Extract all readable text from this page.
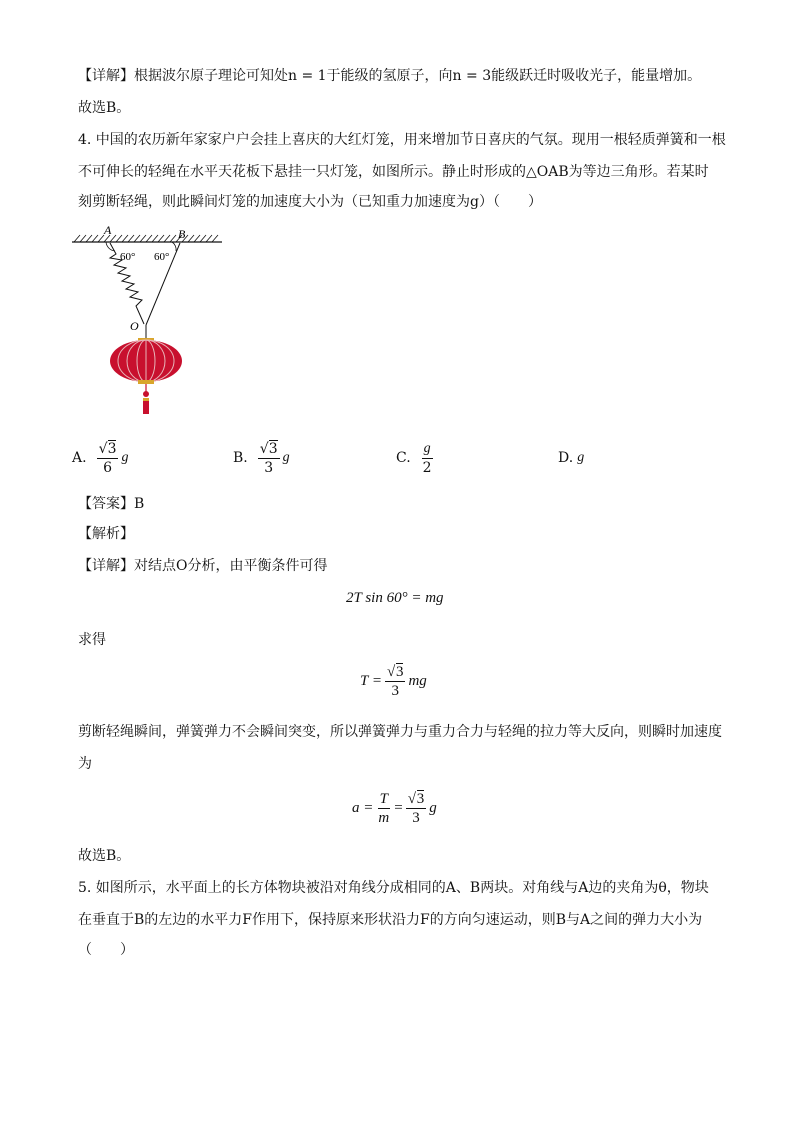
【详解】根据波尔原子理论可知处n = 1于能级的氢原子，向n = 3能级跃迁时吸收光子，能量增加。
故选B。
4. 中国的农历新年家家户户会挂上喜庆的大红灯笼，用来增加节日喜庆的气氛。现用一根轻质弹簧和一根
不可伸长的轻绳在水平天花板下悬挂一只灯笼，如图所示。静止时形成的△OAB为等边三角形。若某时
刻剪断轻绳，则此瞬间灯笼的加速度大小为（已知重力加速度为g）（　　）
A	B
60° 60°
O
A. √ $\frac{3}{6}$ g	B. √ $\frac{3}{3}$ g	C. $\frac{g}{2}$	D. g
【答案】B
【解析】
【详解】对结点O分析，由平衡条件可得
2T sin 60° = mg
求得
T = √ $\frac{3}{3}$ mg
剪断轻绳瞬间，弹簧弹力不会瞬间突变，所以弹簧弹力与重力合力与轻绳的拉力等大反向，则瞬时加速度
为
$a = \frac{T}{m}$ = √ $\frac{3}{3}$ g
故选B。
5. 如图所示，水平面上的长方体物块被沿对角线分成相同的A、B两块。对角线与A边的夹角为θ，物块
在垂直于B的左边的水平力F作用下，保持原来形状沿力F的方向匀速运动，则B与A之间的弹力大小为
（　　）
